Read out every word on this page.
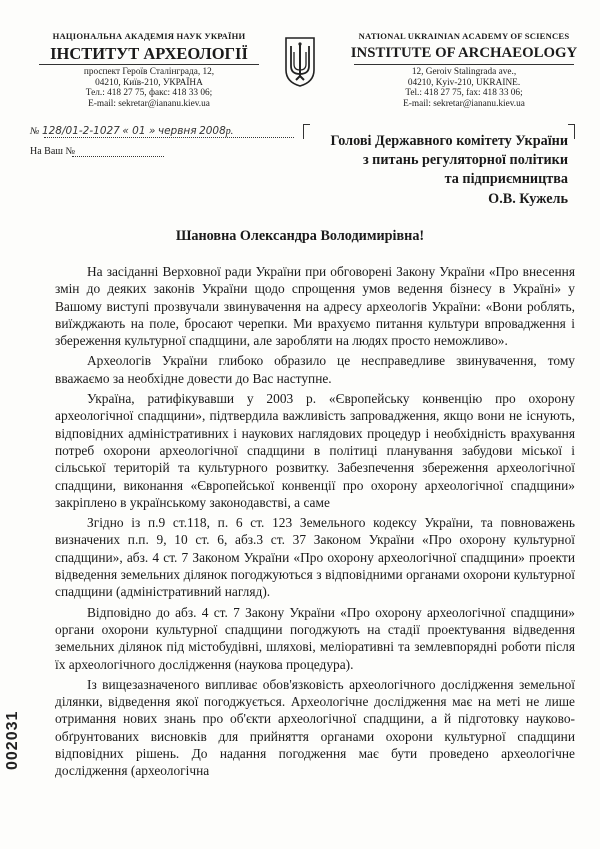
НАЦІОНАЛЬНА АКАДЕМІЯ НАУК УКРАЇНИ
ІНСТИТУТ АРХЕОЛОГІЇ
проспект Героїв Сталінграда, 12,
04210, Київ-210, УКРАЇНА
Тел.: 418 27 75, факс: 418 33 06;
E-mail: sekretar@iananu.kiev.ua
NATIONAL UKRAINIAN ACADEMY OF SCIENCES
INSTITUTE OF ARCHAEOLOGY
12, Geroiv Stalingrada ave.,
04210, Kyiv-210, UKRAINE.
Tel.: 418 27 75, fax: 418 33 06;
E-mail: sekretar@iananu.kiev.ua
№ 128/01-2-1027 « 01 » червня 2008р.
На Ваш №
Голові Державного комітету України
з питань регуляторної політики
та підприємництва
О.В. Кужель
Шановна Олександра Володимирівна!

На засіданні Верховної ради України при обговорені Закону України «Про внесення змін до деяких законів України щодо спрощення умов ведення бізнесу в Україні» у Вашому виступі прозвучали звинувачення на адресу археологів України: «Вони роблять, виїжджають на поле, бросают черепки. Ми врахуємо питання культури впровадження і збереження культурної спадщини, але заробляти на людях просто неможливо».

Археологів України глибоко образило це несправедливе звинувачення, тому вважаємо за необхідне довести до Вас наступне.

Україна, ратифікувавши у 2003 р. «Європейську конвенцію про охорону археологічної спадщини», підтвердила важливість запровадження, якщо вони не існують, відповідних адміністративних і наукових наглядових процедур і необхідність врахування потреб охорони археологічної спадщини в політиці планування забудови міської і сільської територій та культурного розвитку. Забезпечення збереження археологічної спадщини, виконання «Європейської конвенції про охорону археологічної спадщини» закріплено в українському законодавстві, а саме

Згідно із п.9 ст.118, п. 6 ст. 123 Земельного кодексу України, та повноважень визначених п.п. 9, 10 ст. 6, абз.3 ст. 37 Законом України «Про охорону культурної спадщини», абз. 4 ст. 7 Законом України «Про охорону археологічної спадщини» проекти відведення земельних ділянок погоджуються з відповідними органами охорони культурної спадщини (адміністративний нагляд).

Відповідно до абз. 4 ст. 7 Закону України «Про охорону археологічної спадщини» органи охорони культурної спадщини погоджують на стадії проектування відведення земельних ділянок під містобудівні, шляхові, меліоративні та землевпорядні роботи після їх археологічного дослідження (наукова процедура).

Із вищезазначеного випливає обов'язковість археологічного дослідження земельної ділянки, відведення якої погоджується. Археологічне дослідження має на меті не лише отримання нових знань про об'єкти археологічної спадщини, а й підготовку науково-обґрунтованих висновків для прийняття органами охорони культурної спадщини відповідних рішень. До надання погодження має бути проведено археологічне дослідження (археологічна

002031
